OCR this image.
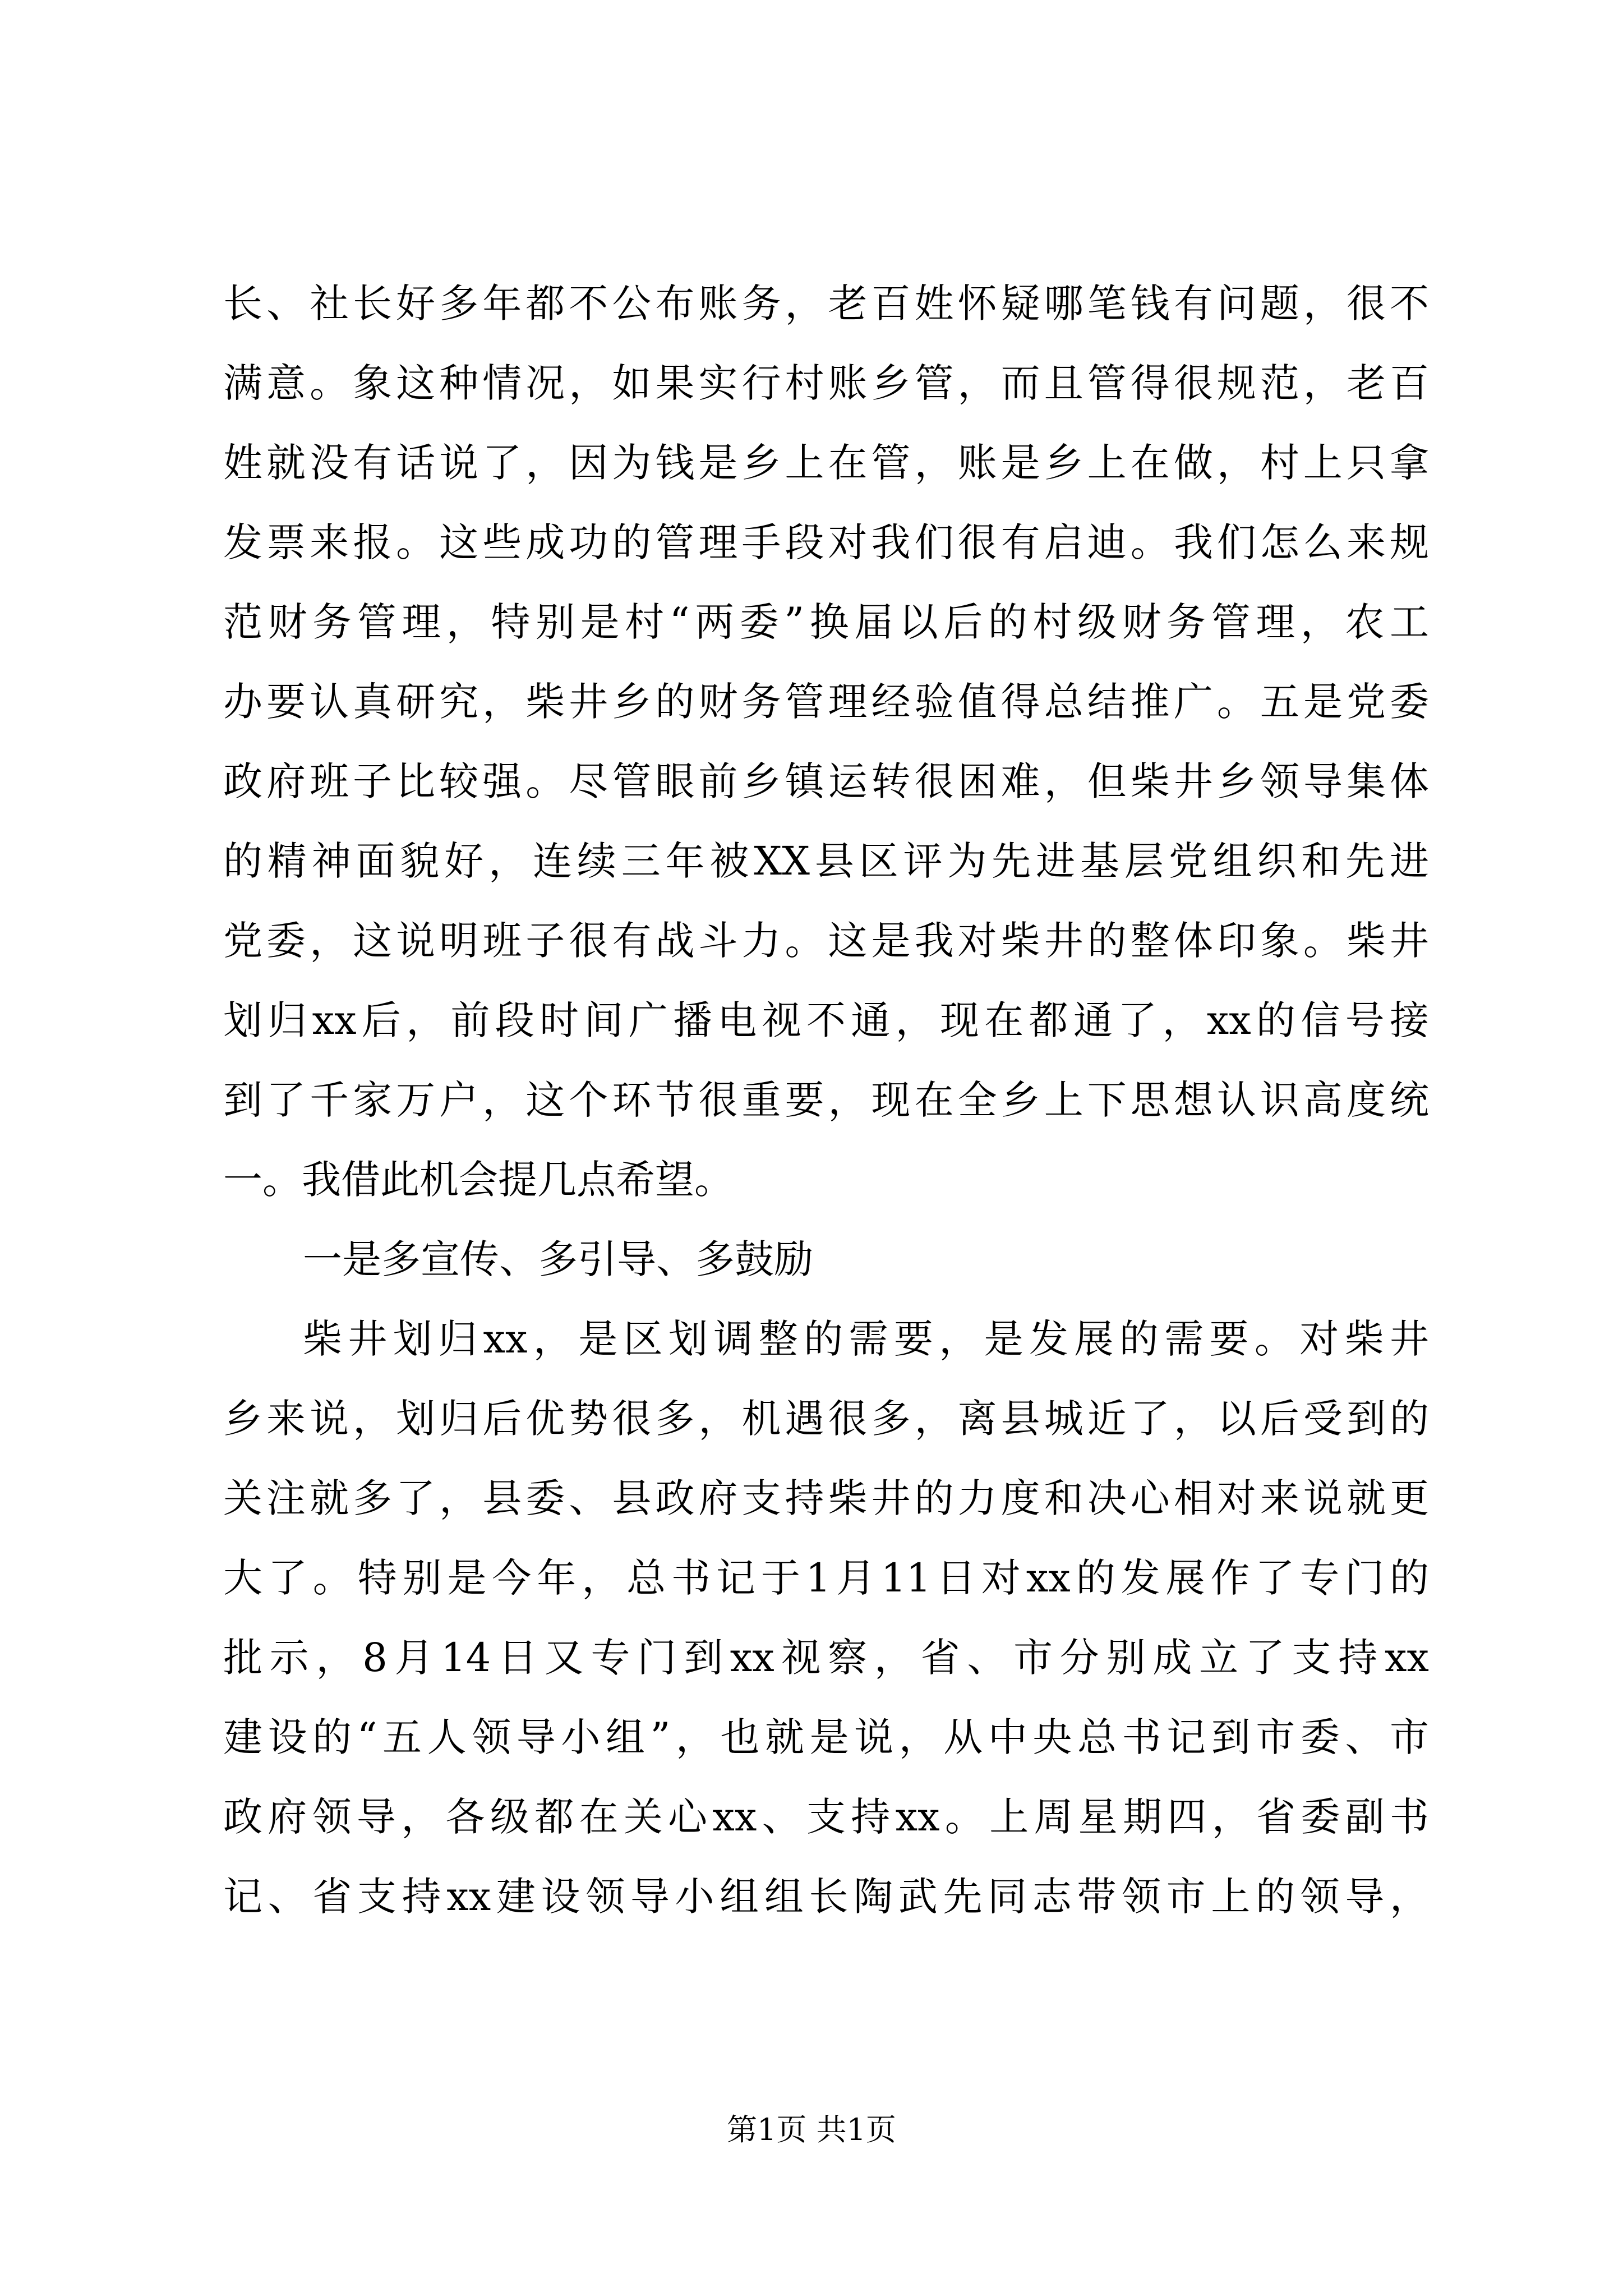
长、社长好多年都不公布账务，老百姓怀疑哪笔钱有问题，很不
满意。象这种情况，如果实行村账乡管，而且管得很规范，老百
姓就没有话说了，因为钱是乡上在管，账是乡上在做，村上只拿
发票来报。这些成功的管理手段对我们很有启迪。我们怎么来规
范财务管理，特别是村“两委”换届以后的村级财务管理，农工
办要认真研究，柴井乡的财务管理经验值得总结推广。五是党委
政府班子比较强。尽管眼前乡镇运转很困难，但柴井乡领导集体
的精神面貌好，连续三年被XX县区评为先进基层党组织和先进
党委，这说明班子很有战斗力。这是我对柴井的整体印象。柴井
划归xx后，前段时间广播电视不通，现在都通了，xx的信号接
到了千家万户，这个环节很重要，现在全乡上下思想认识高度统
一。我借此机会提几点希望。
一是多宣传、多引导、多鼓励
柴井划归xx，是区划调整的需要，是发展的需要。对柴井
乡来说，划归后优势很多，机遇很多，离县城近了，以后受到的
关注就多了，县委、县政府支持柴井的力度和决心相对来说就更
大了。特别是今年，总书记于1月11日对xx的发展作了专门的
批示，8月14日又专门到xx视察，省、市分别成立了支持xx
建设的“五人领导小组”，也就是说，从中央总书记到市委、市
政府领导，各级都在关心xx、支持xx。上周星期四，省委副书
记、省支持xx建设领导小组组长陶武先同志带领市上的领导，
第1页 共1页
